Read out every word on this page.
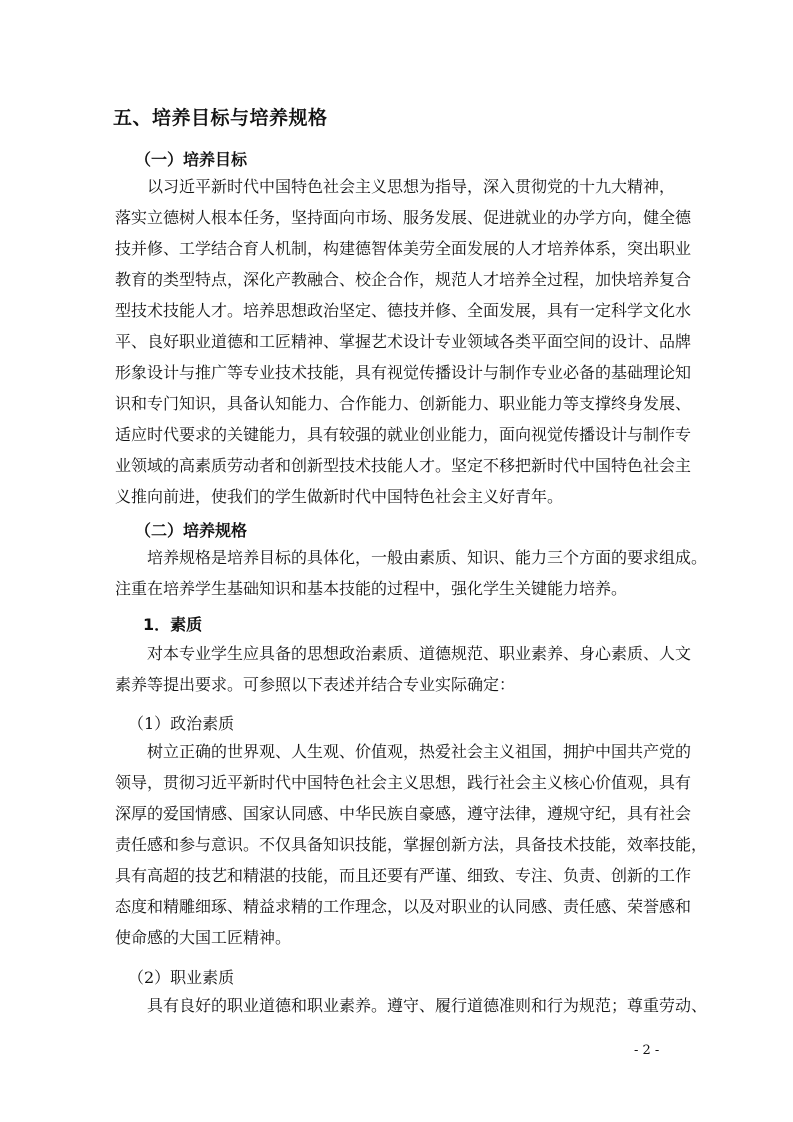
五、培养目标与培养规格
（一）培养目标
以习近平新时代中国特色社会主义思想为指导，深入贯彻党的十九大精神，
落实立德树人根本任务，坚持面向市场、服务发展、促进就业的办学方向，健全德
技并修、工学结合育人机制，构建德智体美劳全面发展的人才培养体系，突出职业
教育的类型特点，深化产教融合、校企合作，规范人才培养全过程，加快培养复合
型技术技能人才。培养思想政治坚定、德技并修、全面发展，具有一定科学文化水
平、良好职业道德和工匠精神、掌握艺术设计专业领域各类平面空间的设计、品牌
形象设计与推广等专业技术技能，具有视觉传播设计与制作专业必备的基础理论知
识和专门知识，具备认知能力、合作能力、创新能力、职业能力等支撑终身发展、
适应时代要求的关键能力，具有较强的就业创业能力，面向视觉传播设计与制作专
业领域的高素质劳动者和创新型技术技能人才。坚定不移把新时代中国特色社会主
义推向前进，使我们的学生做新时代中国特色社会主义好青年。
（二）培养规格
培养规格是培养目标的具体化，一般由素质、知识、能力三个方面的要求组成。
注重在培养学生基础知识和基本技能的过程中，强化学生关键能力培养。
1．素质
对本专业学生应具备的思想政治素质、道德规范、职业素养、身心素质、人文
素养等提出要求。可参照以下表述并结合专业实际确定：
（1）政治素质
树立正确的世界观、人生观、价值观，热爱社会主义祖国，拥护中国共产党的
领导，贯彻习近平新时代中国特色社会主义思想，践行社会主义核心价值观，具有
深厚的爱国情感、国家认同感、中华民族自豪感，遵守法律，遵规守纪，具有社会
责任感和参与意识。不仅具备知识技能，掌握创新方法，具备技术技能，效率技能，
具有高超的技艺和精湛的技能，而且还要有严谨、细致、专注、负责、创新的工作
态度和精雕细琢、精益求精的工作理念，以及对职业的认同感、责任感、荣誉感和
使命感的大国工匠精神。
（2）职业素质
具有良好的职业道德和职业素养。遵守、履行道德准则和行为规范；尊重劳动、
- 2 -
